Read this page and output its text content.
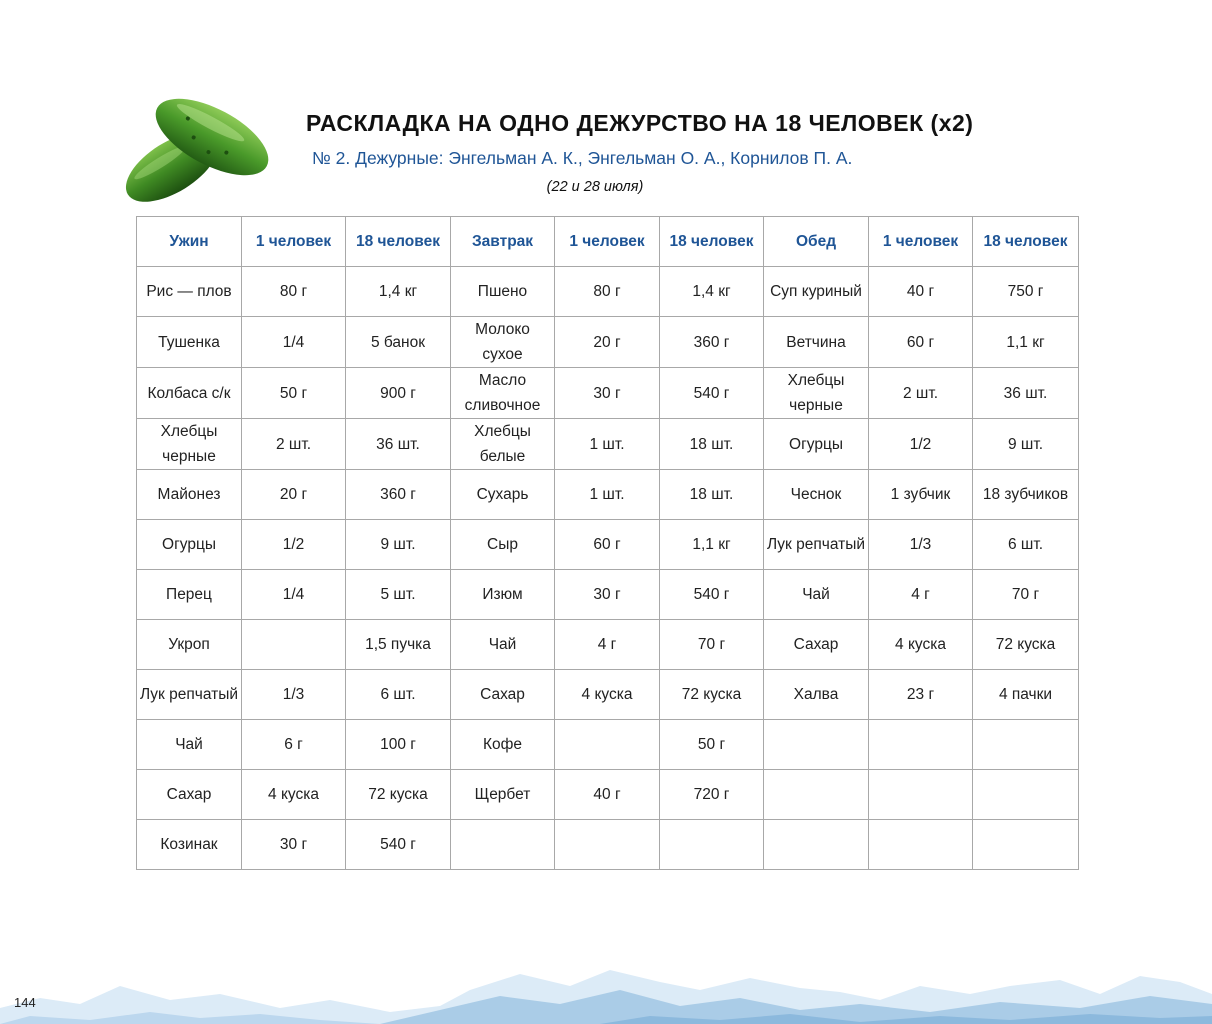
РАСКЛАДКА НА ОДНО ДЕЖУРСТВО НА 18 ЧЕЛОВЕК (х2)
№ 2. Дежурные: Энгельман А. К., Энгельман О. А., Корнилов П. А.
(22 и 28 июля)
Ужин	1 человек	18 человек	Завтрак	1 человек	18 человек	Обед	1 человек	18 человек
Рис — плов	80 г	1,4 кг	Пшено	80 г	1,4 кг	Суп куриный	40 г	750 г
Тушенка	1/4	5 банок	Молоко сухое	20 г	360 г	Ветчина	60 г	1,1 кг
Колбаса с/к	50 г	900 г	Масло сливочное	30 г	540 г	Хлебцы черные	2 шт.	36 шт.
Хлебцы черные	2 шт.	36 шт.	Хлебцы белые	1 шт.	18 шт.	Огурцы	1/2	9 шт.
Майонез	20 г	360 г	Сухарь	1 шт.	18 шт.	Чеснок	1 зубчик	18 зубчиков
Огурцы	1/2	9 шт.	Сыр	60 г	1,1 кг	Лук репчатый	1/3	6 шт.
Перец	1/4	5 шт.	Изюм	30 г	540 г	Чай	4 г	70 г
Укроп		1,5 пучка	Чай	4 г	70 г	Сахар	4 куска	72 куска
Лук репчатый	1/3	6 шт.	Сахар	4 куска	72 куска	Халва	23 г	4 пачки
Чай	6 г	100 г	Кофе		50 г			
Сахар	4 куска	72 куска	Щербет	40 г	720 г			
Козинак	30 г	540 г						
144
